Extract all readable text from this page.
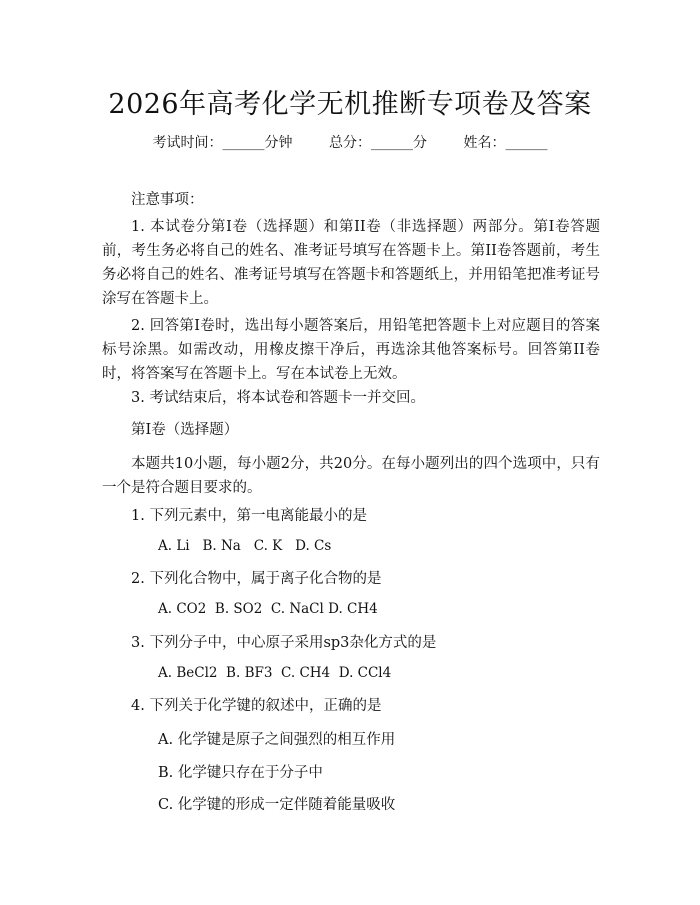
2026年高考化学无机推断专项卷及答案
考试时间：______分钟	总分：______分	姓名：______
注意事项：
1. 本试卷分第Ⅰ卷（选择题）和第II卷（非选择题）两部分。第Ⅰ卷答题前，考生务必将自己的姓名、准考证号填写在答题卡上。第II卷答题前，考生务必将自己的姓名、准考证号填写在答题卡和答题纸上，并用铅笔把准考证号涂写在答题卡上。
2. 回答第Ⅰ卷时，选出每小题答案后，用铅笔把答题卡上对应题目的答案标号涂黑。如需改动，用橡皮擦干净后，再选涂其他答案标号。回答第II卷时，将答案写在答题卡上。写在本试卷上无效。
3. 考试结束后，将本试卷和答题卡一并交回。
第Ⅰ卷（选择题）
本题共10小题，每小题2分，共20分。在每小题列出的四个选项中，只有一个是符合题目要求的。
1. 下列元素中，第一电离能最小的是
A. Li   B. Na   C. K   D. Cs
2. 下列化合物中，属于离子化合物的是
A. CO2  B. SO2  C. NaCl D. CH4
3. 下列分子中，中心原子采用sp3杂化方式的是
A. BeCl2  B. BF3  C. CH4  D. CCl4
4. 下列关于化学键的叙述中，正确的是
A. 化学键是原子之间强烈的相互作用
B. 化学键只存在于分子中
C. 化学键的形成一定伴随着能量吸收
